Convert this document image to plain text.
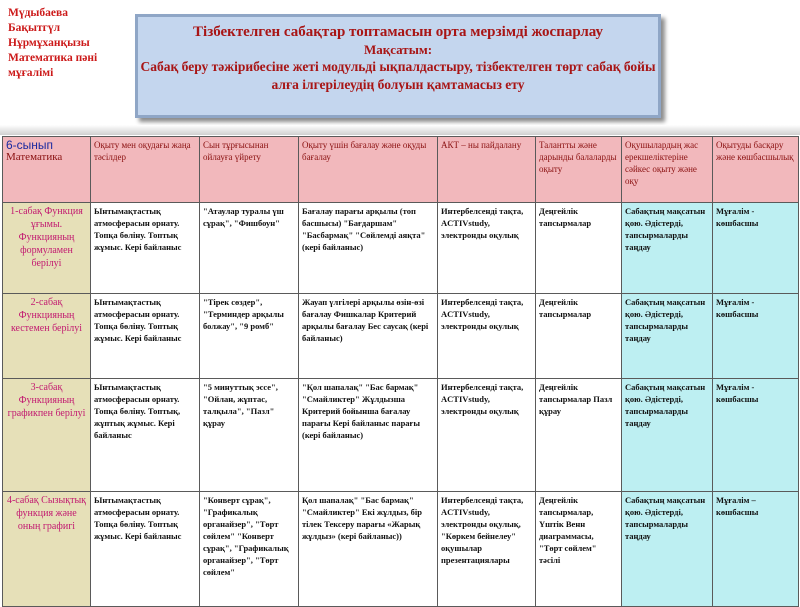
Мүдыбаева
Бақытгүл
Нұрмұханқызы
Математика пәні
мұғалімі
Тізбектелген сабақтар топтамасын орта мерзімді жоспарлау
Мақсатым:
Сабақ беру тәжірибесіне жеті модульді ықпалдастыру, тізбектелген төрт сабақ бойы алға ілгерілеудің болуын қамтамасыз ету
6-сынып
Математика	Оқыту мен оқудағы жаңа тәсілдер	Сын тұрғысынан ойлауға үйрету	Оқыту үшін бағалау және оқуды бағалау	АКТ – ны пайдалану	Талантты және дарынды балаларды оқыту	Оқушылардың жас ерекшеліктеріне сәйкес оқыту және оқу	Оқытуды басқару және көшбасшылық
1-сабақ Функция ұғымы. Функцияның формуламен берілуі	Ынтымақтастық атмосферасын орнату. Топқа бөліну. Топтық жұмыс. Кері байланыс	"Атаулар туралы үш сұрақ", "Фишбоун"	Бағалау парағы арқылы (топ басшысы) "Бағдаршам" "Басбармақ" "Сөйлемді аяқта" (кері байланыс)	Интербелсенді тақта, ACTIVstudy, электронды оқулық	Деңгейлік тапсырмалар	Сабақтың мақсатын қою. Әдістерді, тапсырмаларды таңдау	Мұғалім - көшбасшы
2-сабақ Функцияның кестемен берілуі	Ынтымақтастық атмосферасын орнату. Топқа бөліну. Топтық жұмыс. Кері байланыс	"Тірек сөздер", "Терминдер арқылы болжау", "9 ромб"	Жауап үлгілері арқылы өзін-өзі бағалау Фишкалар Критерий арқылы бағалау Бес саусақ (кері байланыс)	Интербелсенді тақта, ACTIVstudy, электронды оқулық	Деңгейлік тапсырмалар	Сабақтың мақсатын қою. Әдістерді, тапсырмаларды таңдау	Мұғалім - көшбасшы
3-сабақ Функцияның графикпен берілуі	Ынтымақтастық атмосферасын орнату. Топқа бөліну. Топтық, жұптық жұмыс. Кері байланыс	"5 минуттық эссе", "Ойлан, жұптас, талқыла", "Пазл" құрау	"Қол шапалақ" "Бас бармақ" "Смайликтер" Жұлдызша Критерий бойынша бағалау парағы Кері байланыс парағы (кері байланыс)	Интербелсенді тақта, ACTIVstudy, электронды оқулық	Деңгейлік тапсырмалар Пазл құрау	Сабақтың мақсатын қою. Әдістерді, тапсырмаларды таңдау	Мұғалім - көшбасшы
4-сабақ Сызықтық функция және оның графигі	Ынтымақтастық атмосферасын орнату. Топқа бөліну. Топтық жұмыс. Кері байланыс	"Конверт сұрақ", "Графикалық органайзер", "Төрт сөйлем" "Конверт сұрақ", "Графикалық органайзер", "Төрт сөйлем"	Қол шапалақ" "Бас бармақ" "Смайликтер" Екі жұлдыз, бір тілек Тексеру парағы «Жарық жұлдыз» (кері байланыс))	Интербелсенді тақта, ACTIVstudy, электронды оқулық, "Көркем бейнелеу" оқушылар презентациялары	Деңгейлік тапсырмалар, Үштік Венн диаграммасы, "Төрт сөйлем" тәсілі	Сабақтың мақсатын қою. Әдістерді, тапсырмаларды таңдау	Мұғалім – көшбасшы
